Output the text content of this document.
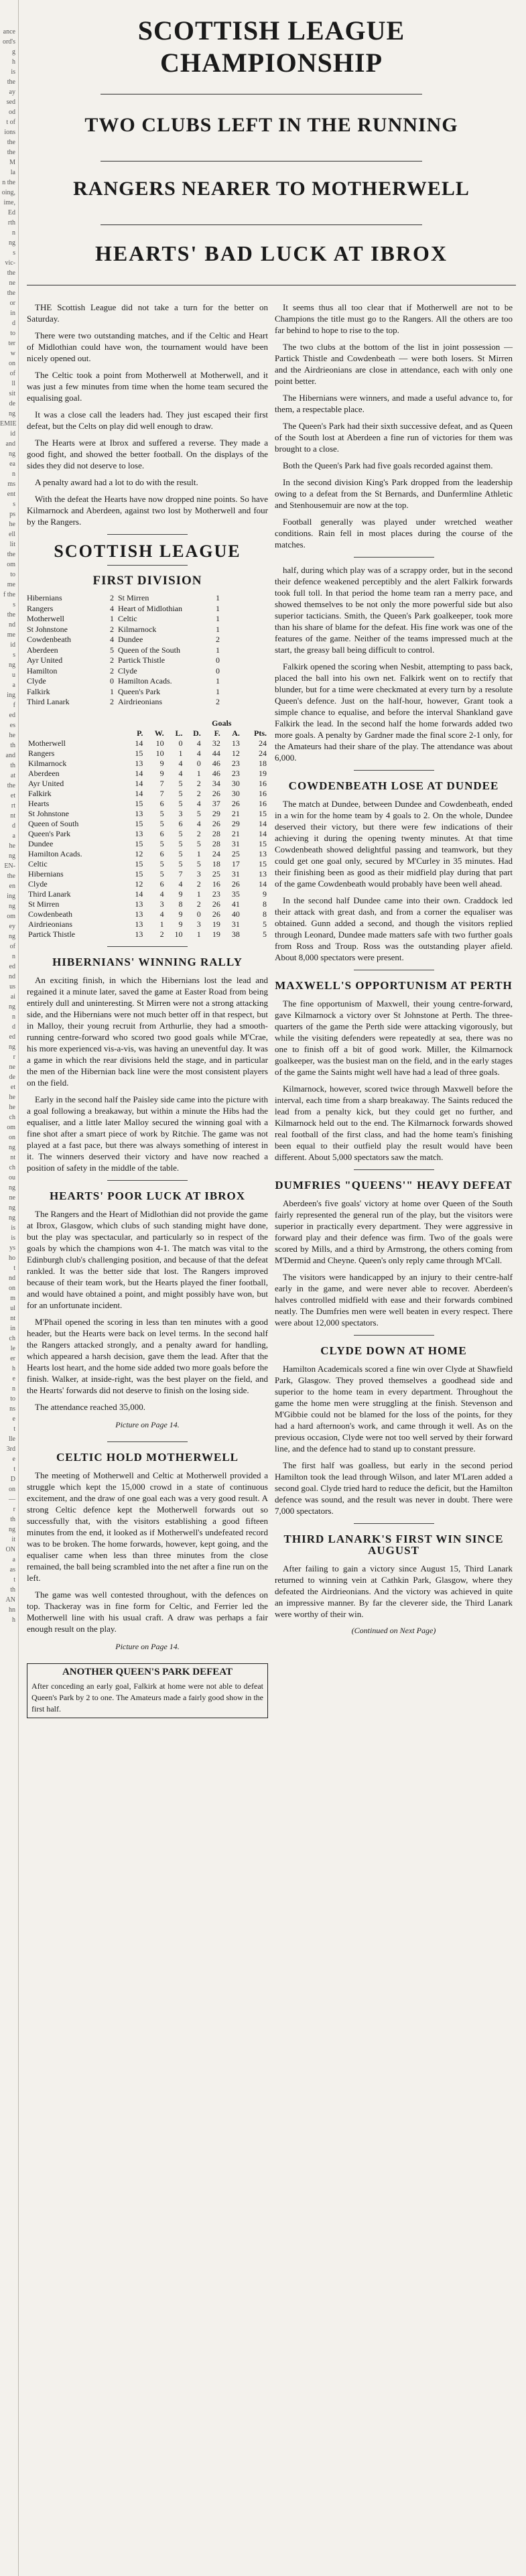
ance
ord's
g
h
is
the
ay
sed
od
t of
ions
the
the
M
la
n the
oing,
ime,
Ed
rth
n
ng
s
vic-
the
ne
the
or
in
d
to
ter
w
on
of
ll
sit
de
ng
EMIE
id
and
ng
ea
n
ms
ent
s
ps
he
ell
lit
the
om
to
me
f the
s
the
nd
me
id
s
ng
u
a
ing
f
ed
es
he
th
and
th
at
the
et
rt
nt
d
a
he
ng
EN-
the
en
ing
ng
om
ey
ng
of
n
ed
nd
us
ai
ng
n
d
ed
ng
r
ne
de
et
he
he
ch
om
on
ng
nt
ch
ou
ng
ne
ng
ng
is
is
ys
ho
t
nd
on
m
ul
nt
in
ch
le
er
h
e
n
to
ns
e
t
lle
3rd
e
t
D
on
—
r
th
ng
it
ON
a
as
t
th
AN
hn
h
SCOTTISH LEAGUE CHAMPIONSHIP
TWO CLUBS LEFT IN THE RUNNING
RANGERS NEARER TO MOTHERWELL
HEARTS' BAD LUCK AT IBROX

THE Scottish League did not take a turn for the better on Saturday.

There were two outstanding matches, and if the Celtic and Heart of Midlothian could have won, the tournament would have been nicely opened out.

The Celtic took a point from Motherwell at Motherwell, and it was just a few minutes from time when the home team secured the equalising goal.

It was a close call the leaders had. They just escaped their first defeat, but the Celts on play did well enough to draw.

The Hearts were at Ibrox and suffered a reverse. They made a good fight, and showed the better football. On the displays of the sides they did not deserve to lose.

A penalty award had a lot to do with the result.

With the defeat the Hearts have now dropped nine points. So have Kilmarnock and Aberdeen, against two lost by Motherwell and four by the Rangers.

SCOTTISH LEAGUE
FIRST DIVISION
Hibernians	2 St Mirren	1
Rangers	4 Heart of Midlothian	1
Motherwell	1 Celtic	1
St Johnstone	2 Kilmarnock	1
Cowdenbeath	4 Dundee	2
Aberdeen	5 Queen of the South	1
Ayr United	2 Partick Thistle	0
Hamilton	2 Clyde	0
Clyde	0 Hamilton Acads.	1
Falkirk	1 Queen's Park	1
Third Lanark	2 Airdrieonians	2
					Goals		
	P.	W.	L.	D.	F.	A.	Pts.
Motherwell	14	10	0	4	32	13	24
Rangers	15	10	1	4	44	12	24
Kilmarnock	13	9	4	0	46	23	18
Aberdeen	14	9	4	1	46	23	19
Ayr United	14	7	5	2	34	30	16
Falkirk	14	7	5	2	26	30	16
Hearts	15	6	5	4	37	26	16
St Johnstone	13	5	3	5	29	21	15
Queen of South	15	5	6	4	26	29	14
Queen's Park	13	6	5	2	28	21	14
Dundee	15	5	5	5	28	31	15
Hamilton Acads.	12	6	5	1	24	25	13
Celtic	15	5	5	5	18	17	15
Hibernians	15	5	7	3	25	31	13
Clyde	12	6	4	2	16	26	14
Third Lanark	14	4	9	1	23	35	9
St Mirren	13	3	8	2	26	41	8
Cowdenbeath	13	4	9	0	26	40	8
Airdrieonians	13	1	9	3	19	31	5
Partick Thistle	13	2	10	1	19	38	5
HIBERNIANS' WINNING RALLY

An exciting finish, in which the Hibernians lost the lead and regained it a minute later, saved the game at Easter Road from being entirely dull and uninteresting. St Mirren were not a strong attacking side, and the Hibernians were not much better off in that respect, but in Malloy, their young recruit from Arthurlie, they had a smooth-running centre-forward who scored two good goals while M'Crae, his more experienced vis-a-vis, was having an uneventful day. It was a game in which the rear divisions held the stage, and in particular the men of the Hibernian back line were the most consistent players on the field.

Early in the second half the Paisley side came into the picture with a goal following a breakaway, but within a minute the Hibs had the equaliser, and a little later Malloy secured the winning goal with a fine shot after a smart piece of work by Ritchie. The game was not played at a fast pace, but there was always something of interest in it. The winners deserved their victory and have now reached a position of safety in the middle of the table.

HEARTS' POOR LUCK AT IBROX

The Rangers and the Heart of Midlothian did not provide the game at Ibrox, Glasgow, which clubs of such standing might have done, but the play was spectacular, and particularly so in respect of the goals by which the champions won 4-1. The match was vital to the Edinburgh club's challenging position, and because of that the defeat rankled. It was the better side that lost. The Rangers improved because of their team work, but the Hearts played the finer football, and would have obtained a point, and might possibly have won, but for an unfortunate incident.

M'Phail opened the scoring in less than ten minutes with a good header, but the Hearts were back on level terms. In the second half the Rangers attacked strongly, and a penalty award for handling, which appeared a harsh decision, gave them the lead. After that the Hearts lost heart, and the home side added two more goals before the finish. Walker, at inside-right, was the best player on the field, and the Hearts' forwards did not deserve to finish on the losing side.

The attendance reached 35,000.

Picture on Page 14.
CELTIC HOLD MOTHERWELL

The meeting of Motherwell and Celtic at Motherwell provided a struggle which kept the 15,000 crowd in a state of continuous excitement, and the draw of one goal each was a very good result. A strong Celtic defence kept the Motherwell forwards out so successfully that, with the visitors establishing a good fifteen minutes from the end, it looked as if Motherwell's undefeated record was to be broken. The home forwards, however, kept going, and the equaliser came when less than three minutes from the close remained, the ball being scrambled into the net after a fine run on the left.

The game was well contested throughout, with the defences on top. Thackeray was in fine form for Celtic, and Ferrier led the Motherwell line with his usual craft. A draw was perhaps a fair enough result on the play.

Picture on Page 14.
ANOTHER QUEEN'S PARK DEFEAT

After conceding an early goal, Falkirk at home were not able to defeat Queen's Park by 2 to one. The Amateurs made a fairly good show in the first half.

It seems thus all too clear that if Motherwell are not to be Champions the title must go to the Rangers. All the others are too far behind to hope to rise to the top.

The two clubs at the bottom of the list in joint possession — Partick Thistle and Cowdenbeath — were both losers. St Mirren and the Airdrieonians are close in attendance, each with only one point better.

The Hibernians were winners, and made a useful advance to, for them, a respectable place.

The Queen's Park had their sixth successive defeat, and as Queen of the South lost at Aberdeen a fine run of victories for them was brought to a close.

Both the Queen's Park had five goals recorded against them.

In the second division King's Park dropped from the leadership owing to a defeat from the St Bernards, and Dunfermline Athletic and Stenhousemuir are now at the top.

Football generally was played under wretched weather conditions. Rain fell in most places during the course of the matches.

half, during which play was of a scrappy order, but in the second their defence weakened perceptibly and the alert Falkirk forwards took full toll. In that period the home team ran a merry pace, and showed themselves to be not only the more powerful side but also superior tacticians. Smith, the Queen's Park goalkeeper, took more than his share of blame for the defeat. His fine work was one of the features of the game. Neither of the teams impressed much at the start, the greasy ball being difficult to control.

Falkirk opened the scoring when Nesbit, attempting to pass back, placed the ball into his own net. Falkirk went on to rectify that blunder, but for a time were checkmated at every turn by a resolute Queen's defence. Just on the half-hour, however, Grant took a simple chance to equalise, and before the interval Shankland gave Falkirk the lead. In the second half the home forwards added two more goals. A penalty by Gardner made the final score 2-1 only, for the Amateurs had their share of the play. The attendance was about 6,000.

COWDENBEATH LOSE AT DUNDEE

The match at Dundee, between Dundee and Cowdenbeath, ended in a win for the home team by 4 goals to 2. On the whole, Dundee deserved their victory, but there were few indications of their achieving it during the opening twenty minutes. At that time Cowdenbeath showed delightful passing and teamwork, but they could get one goal only, secured by M'Curley in 35 minutes. Had their finishing been as good as their midfield play during that part of the game Cowdenbeath would probably have been well ahead.

In the second half Dundee came into their own. Craddock led their attack with great dash, and from a corner the equaliser was obtained. Gunn added a second, and though the visitors replied through Leonard, Dundee made matters safe with two further goals from Ross and Troup. Ross was the outstanding player afield. About 8,000 spectators were present.

MAXWELL'S OPPORTUNISM AT PERTH

The fine opportunism of Maxwell, their young centre-forward, gave Kilmarnock a victory over St Johnstone at Perth. The three-quarters of the game the Perth side were attacking vigorously, but while the visiting defenders were repeatedly at sea, there was no one to finish off a bit of good work. Miller, the Kilmarnock goalkeeper, was the busiest man on the field, and in the early stages of the game the Saints might well have had a lead of three goals.

Kilmarnock, however, scored twice through Maxwell before the interval, each time from a sharp breakaway. The Saints reduced the lead from a penalty kick, but they could get no further, and Kilmarnock held out to the end. The Kilmarnock forwards showed real football of the first class, and had the home team's finishing been equal to their outfield play the result would have been different. About 5,000 spectators saw the match.

DUMFRIES "QUEENS'" HEAVY DEFEAT

Aberdeen's five goals' victory at home over Queen of the South fairly represented the general run of the play, but the visitors were superior in practically every department. They were aggressive in forward play and their defence was firm. Two of the goals were scored by Mills, and a third by Armstrong, the others coming from M'Dermid and Cheyne. Queen's only reply came through M'Call.

The visitors were handicapped by an injury to their centre-half early in the game, and were never able to recover. Aberdeen's halves controlled midfield with ease and their forwards combined neatly. The Dumfries men were well beaten in every respect. There were about 12,000 spectators.

CLYDE DOWN AT HOME

Hamilton Academicals scored a fine win over Clyde at Shawfield Park, Glasgow. They proved themselves a goodhead side and superior to the home team in every department. Throughout the game the home men were struggling at the finish. Stevenson and M'Gibbie could not be blamed for the loss of the points, for they had a hard afternoon's work, and came through it well. As on the previous occasion, Clyde were not too well served by their forward line, and the defence had to stand up to constant pressure.

The first half was goalless, but early in the second period Hamilton took the lead through Wilson, and later M'Laren added a second goal. Clyde tried hard to reduce the deficit, but the Hamilton defence was sound, and the result was never in doubt. There were 7,000 spectators.

THIRD LANARK'S FIRST WIN SINCE AUGUST

After failing to gain a victory since August 15, Third Lanark returned to winning vein at Cathkin Park, Glasgow, where they defeated the Airdrieonians. And the victory was achieved in quite an impressive manner. By far the cleverer side, the Third Lanark were worthy of their win.

(Continued on Next Page)
